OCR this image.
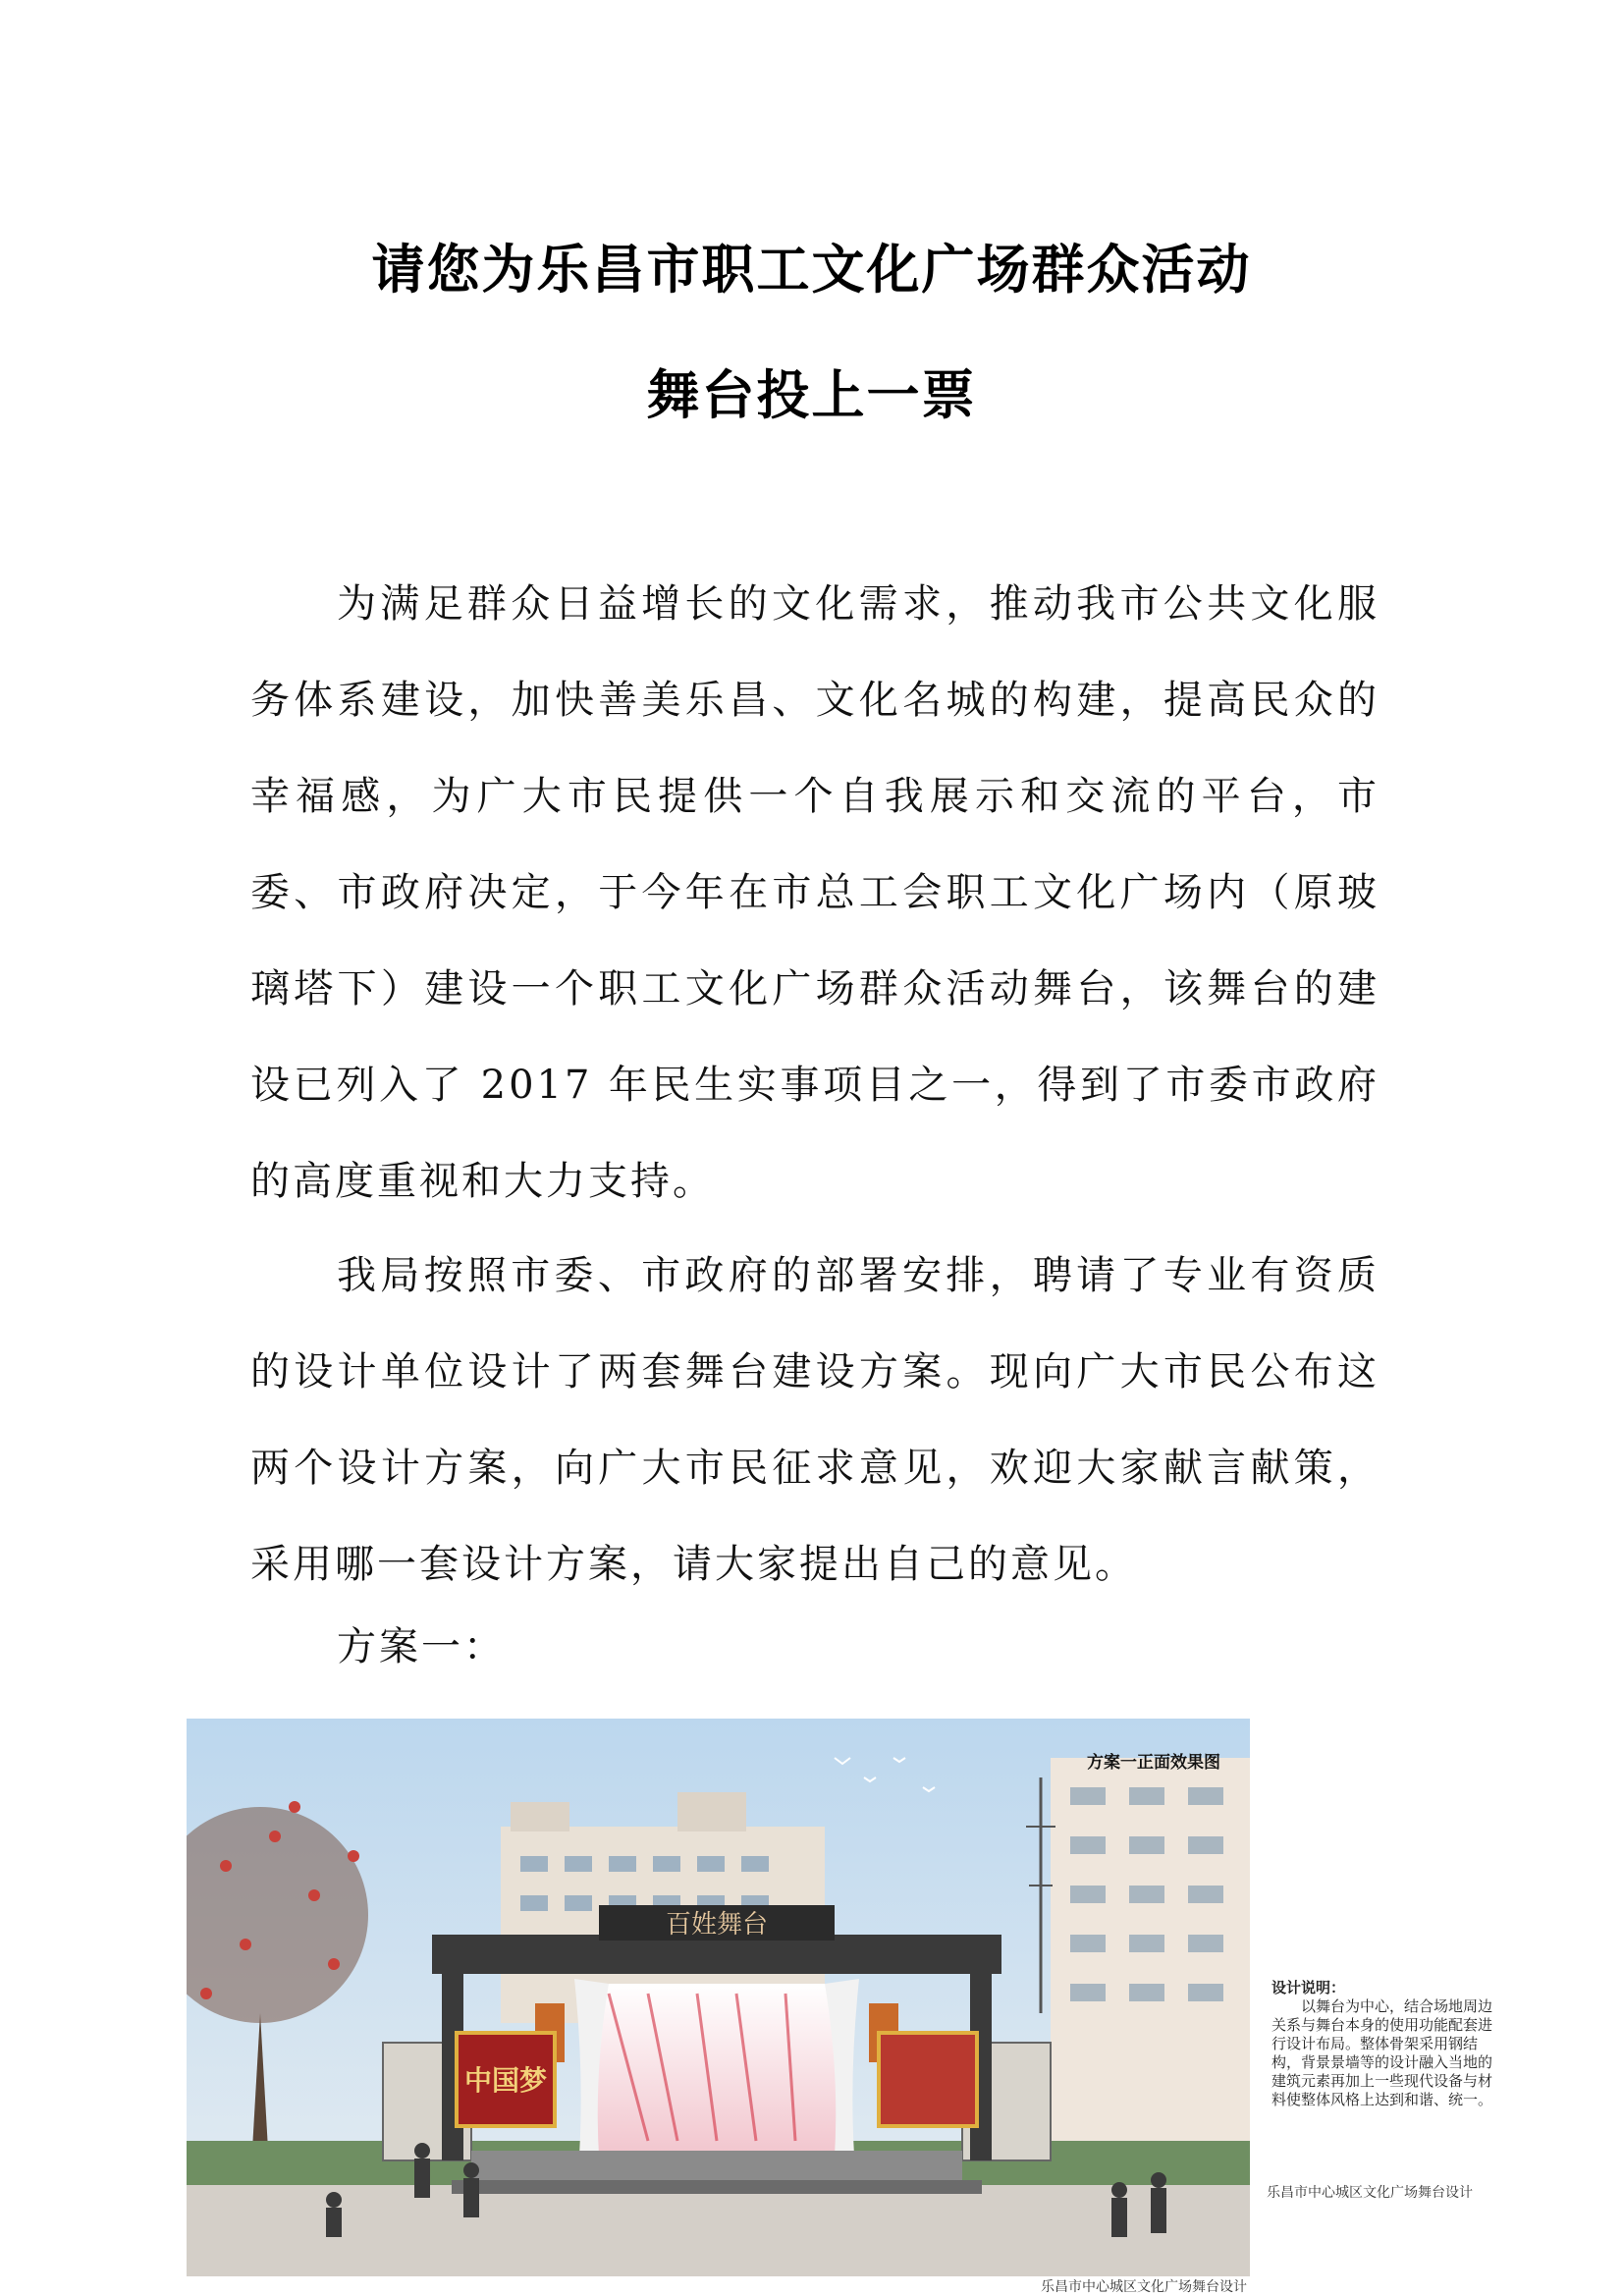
请您为乐昌市职工文化广场群众活动
舞台投上一票

为满足群众日益增长的文化需求，推动我市公共文化服务体系建设，加快善美乐昌、文化名城的构建，提高民众的幸福感，为广大市民提供一个自我展示和交流的平台，市委、市政府决定，于今年在市总工会职工文化广场内（原玻璃塔下）建设一个职工文化广场群众活动舞台，该舞台的建设已列入了 2017 年民生实事项目之一，得到了市委市政府的高度重视和大力支持。

我局按照市委、市政府的部署安排，聘请了专业有资质的设计单位设计了两套舞台建设方案。现向广大市民公布这两个设计方案，向广大市民征求意见，欢迎大家献言献策，采用哪一套设计方案，请大家提出自己的意见。

方案一：

百姓舞台
中国梦
方案一正面效果图
乐昌市中心城区文化广场舞台设计
设计说明：
以舞台为中心，结合场地周边关系与舞台本身的使用功能配套进行设计布局。整体骨架采用钢结构，背景景墙等的设计融入当地的建筑元素再加上一些现代设备与材料使整体风格上达到和谐、统一。
乐昌市中心城区文化广场舞台设计
